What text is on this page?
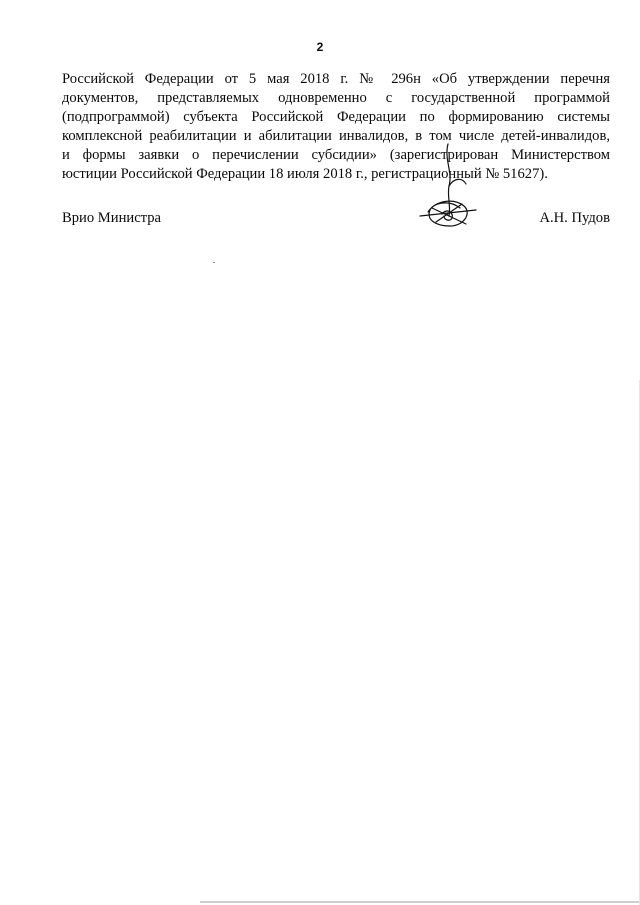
2

Российской Федерации от 5 мая 2018 г. № 296н «Об утверждении перечня
документов, представляемых одновременно с государственной программой
(подпрограммой) субъекта Российской Федерации по формированию системы
комплексной реабилитации и абилитации инвалидов, в том числе детей-инвалидов,
и формы заявки о перечислении субсидии» (зарегистрирован Министерством
юстиции Российской Федерации 18 июля 2018 г., регистрационный № 51627).

Врио Министра	А.Н. Пудов
